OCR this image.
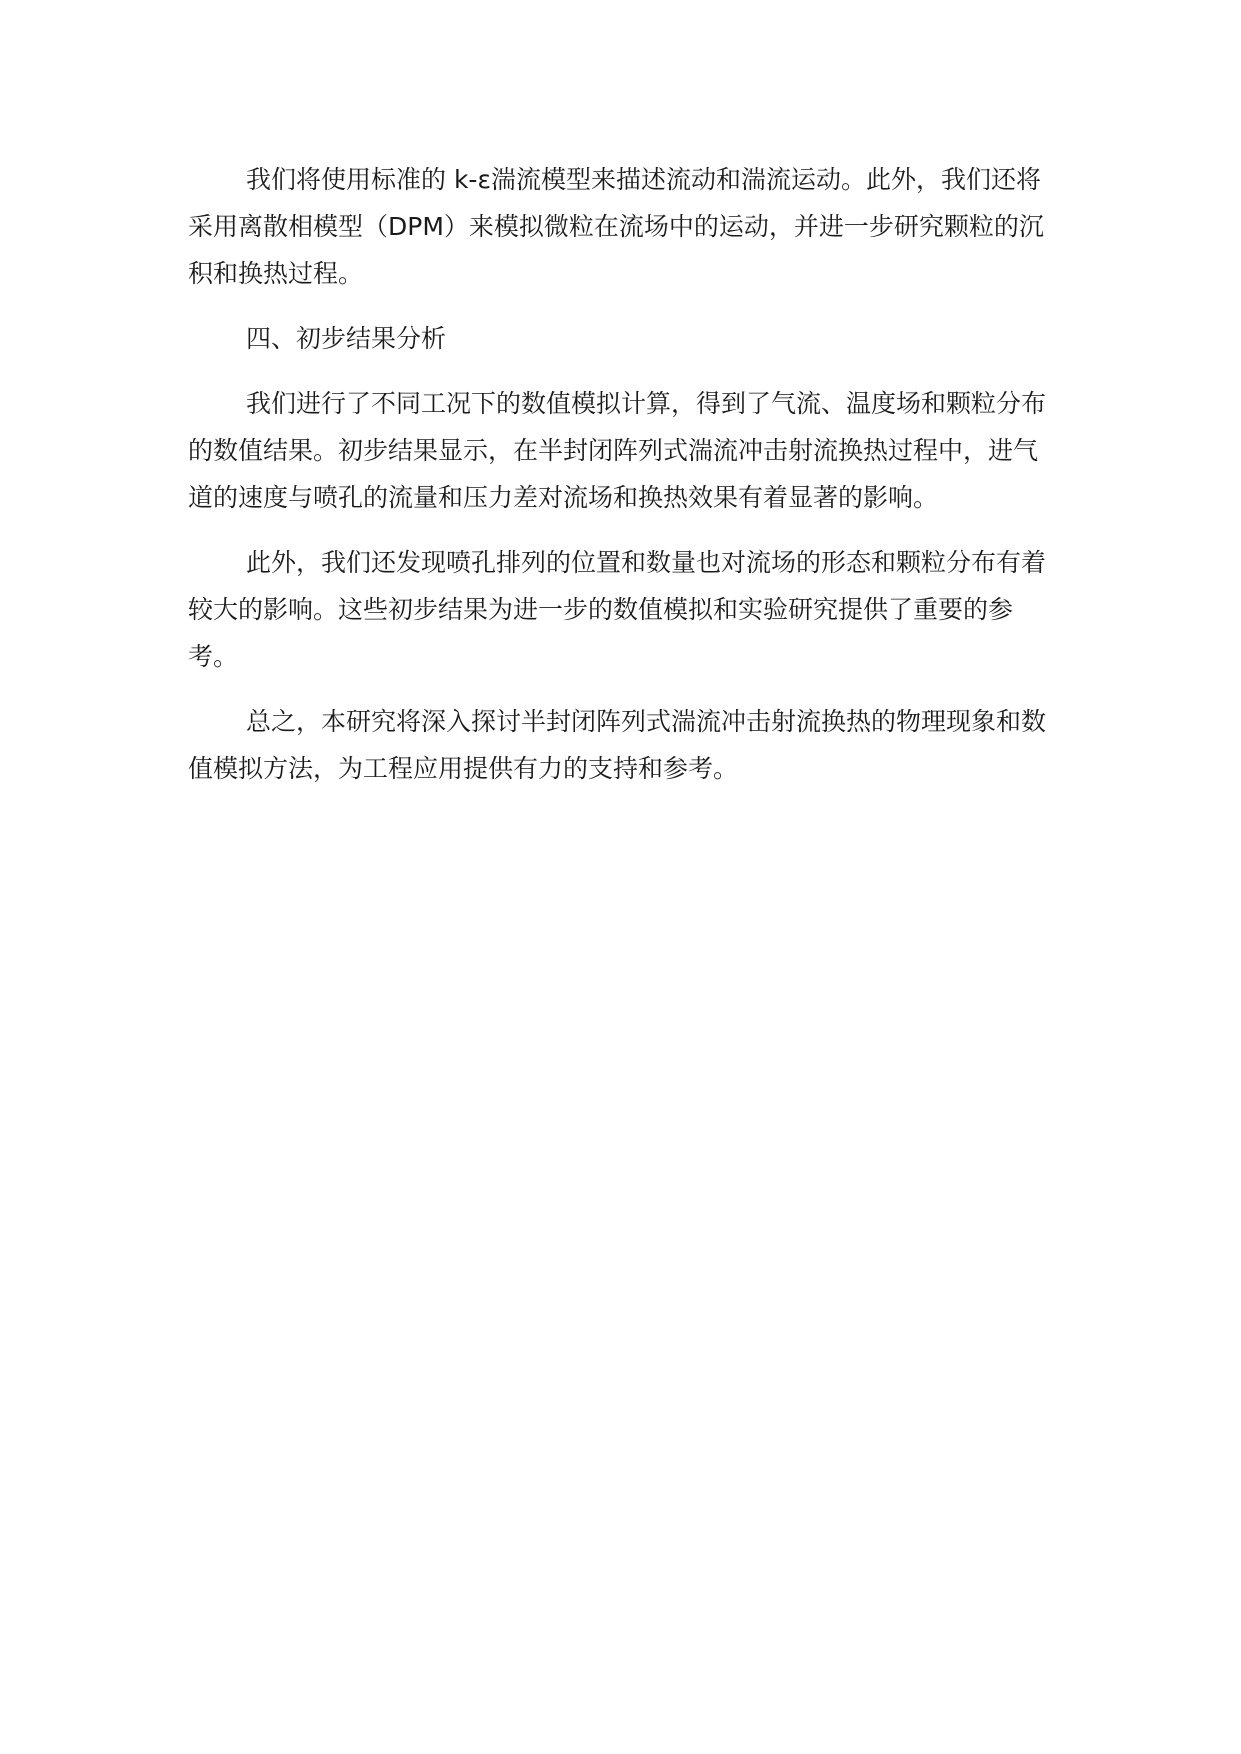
我们将使用标准的 k-ε湍流模型来描述流动和湍流运动。此外，我们还将采用离散相模型（DPM）来模拟微粒在流场中的运动，并进一步研究颗粒的沉积和换热过程。

四、初步结果分析

我们进行了不同工况下的数值模拟计算，得到了气流、温度场和颗粒分布的数值结果。初步结果显示，在半封闭阵列式湍流冲击射流换热过程中，进气道的速度与喷孔的流量和压力差对流场和换热效果有着显著的影响。

此外，我们还发现喷孔排列的位置和数量也对流场的形态和颗粒分布有着较大的影响。这些初步结果为进一步的数值模拟和实验研究提供了重要的参考。

总之，本研究将深入探讨半封闭阵列式湍流冲击射流换热的物理现象和数值模拟方法，为工程应用提供有力的支持和参考。
